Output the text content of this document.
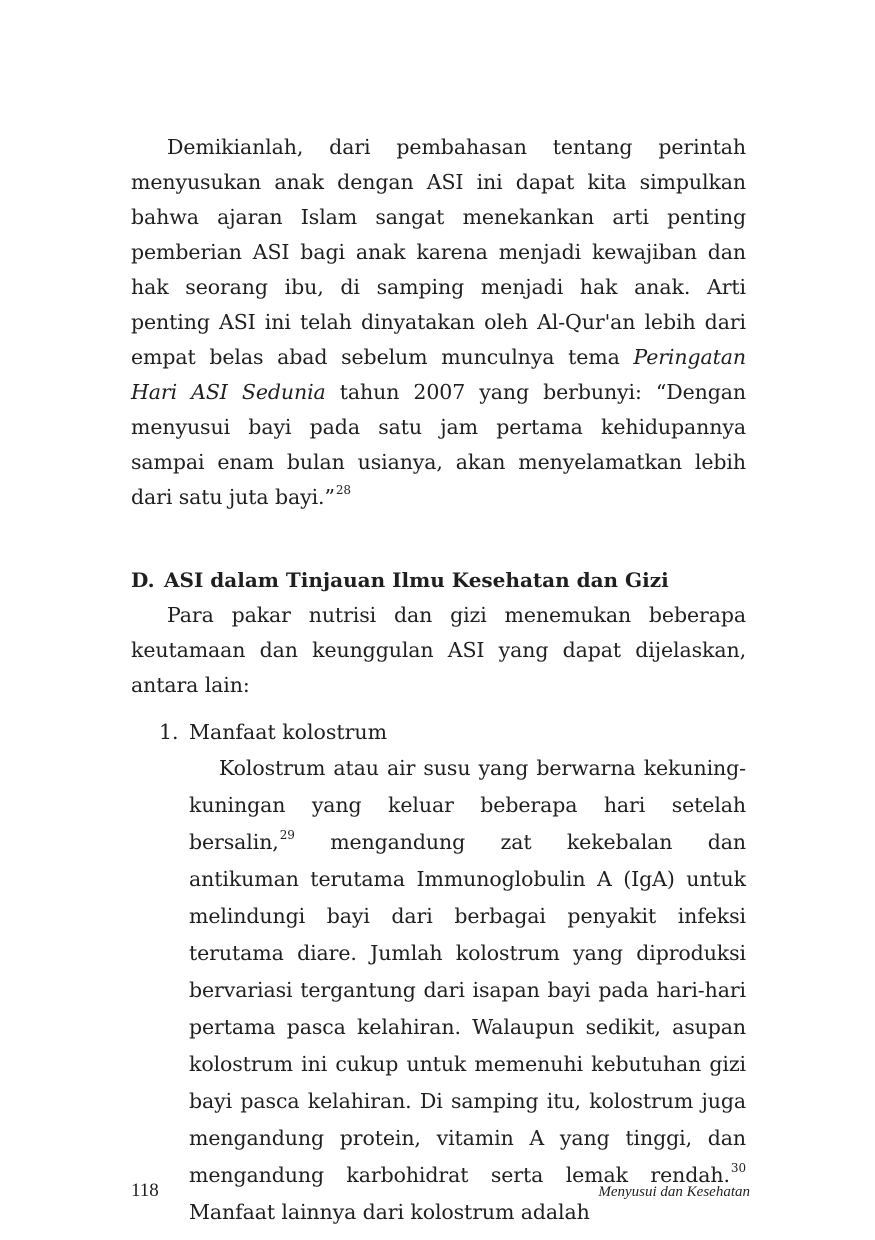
Demikianlah, dari pembahasan tentang perintah menyusukan anak dengan ASI ini dapat kita simpulkan bahwa ajaran Islam sangat menekankan arti penting pemberian ASI bagi anak karena menjadi kewajiban dan hak seorang ibu, di samping menjadi hak anak. Arti penting ASI ini telah dinyatakan oleh Al-Qur'an lebih dari empat belas abad sebelum munculnya tema Peringatan Hari ASI Sedunia tahun 2007 yang berbunyi: “Dengan menyusui bayi pada satu jam pertama kehidupannya sampai enam bulan usianya, akan menyelamatkan lebih dari satu juta bayi.”$^{28}$

D. ASI dalam Tinjauan Ilmu Kesehatan dan Gizi

Para pakar nutrisi dan gizi menemukan beberapa keutamaan dan keunggulan ASI yang dapat dijelaskan, antara lain:

1. Manfaat kolostrum

Kolostrum atau air susu yang berwarna kekuning-kuningan yang keluar beberapa hari setelah bersalin,$^{29}$ mengandung zat kekebalan dan antikuman terutama Immunoglobulin A (IgA) untuk melindungi bayi dari berbagai penyakit infeksi terutama diare. Jumlah kolostrum yang diproduksi bervariasi tergantung dari isapan bayi pada hari-hari pertama pasca kelahiran. Walaupun sedikit, asupan kolostrum ini cukup untuk memenuhi kebutuhan gizi bayi pasca kelahiran. Di samping itu, kolostrum juga mengandung protein, vitamin A yang tinggi, dan mengandung karbohidrat serta lemak rendah.$^{30}$ Manfaat lainnya dari kolostrum adalah

118	Menyusui dan Kesehatan
